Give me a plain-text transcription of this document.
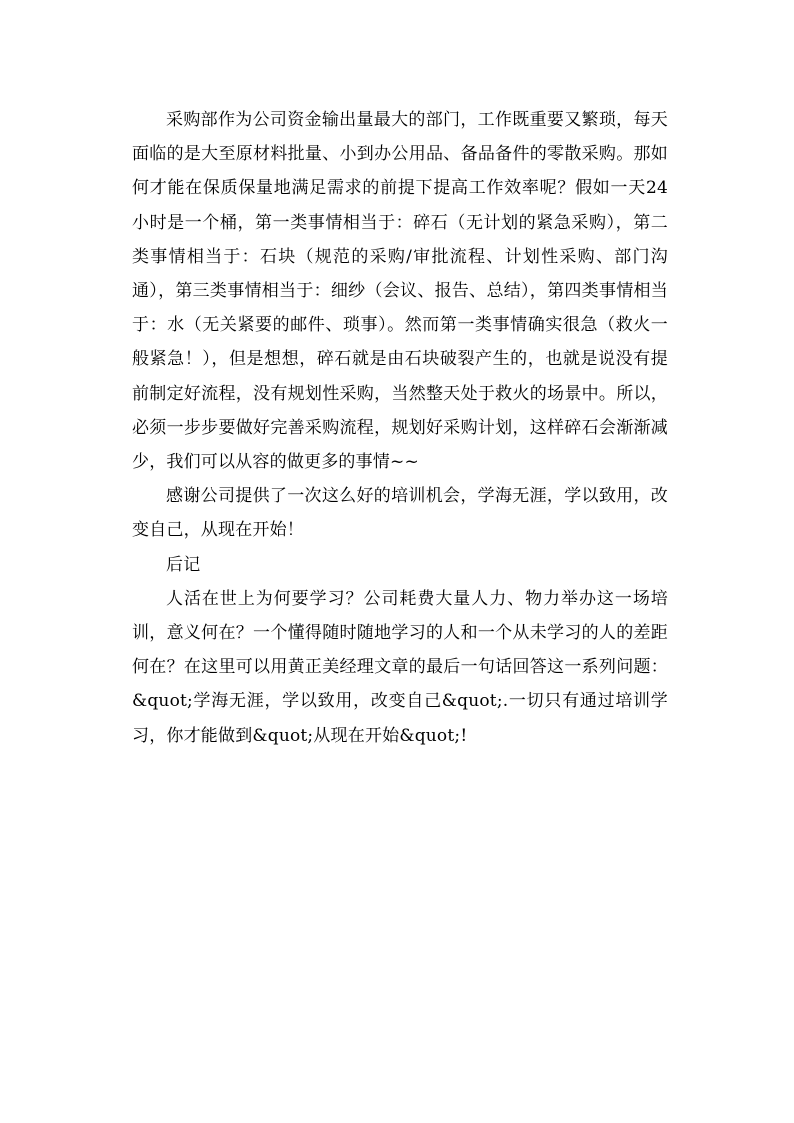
采购部作为公司资金输出量最大的部门，工作既重要又繁琐，每天面临的是大至原材料批量、小到办公用品、备品备件的零散采购。那如何才能在保质保量地满足需求的前提下提高工作效率呢？假如一天24小时是一个桶，第一类事情相当于：碎石（无计划的紧急采购），第二类事情相当于：石块（规范的采购/审批流程、计划性采购、部门沟通），第三类事情相当于：细纱（会议、报告、总结），第四类事情相当于：水（无关紧要的邮件、琐事）。然而第一类事情确实很急（救火一般紧急！），但是想想，碎石就是由石块破裂产生的，也就是说没有提前制定好流程，没有规划性采购，当然整天处于救火的场景中。所以，必须一步步要做好完善采购流程，规划好采购计划，这样碎石会渐渐减少，我们可以从容的做更多的事情~~

感谢公司提供了一次这么好的培训机会，学海无涯，学以致用，改变自己，从现在开始！

后记

人活在世上为何要学习？公司耗费大量人力、物力举办这一场培训，意义何在？一个懂得随时随地学习的人和一个从未学习的人的差距何在？在这里可以用黄正美经理文章的最后一句话回答这一系列问题：&quot;学海无涯，学以致用，改变自己&quot;.一切只有通过培训学习，你才能做到&quot;从现在开始&quot;!
